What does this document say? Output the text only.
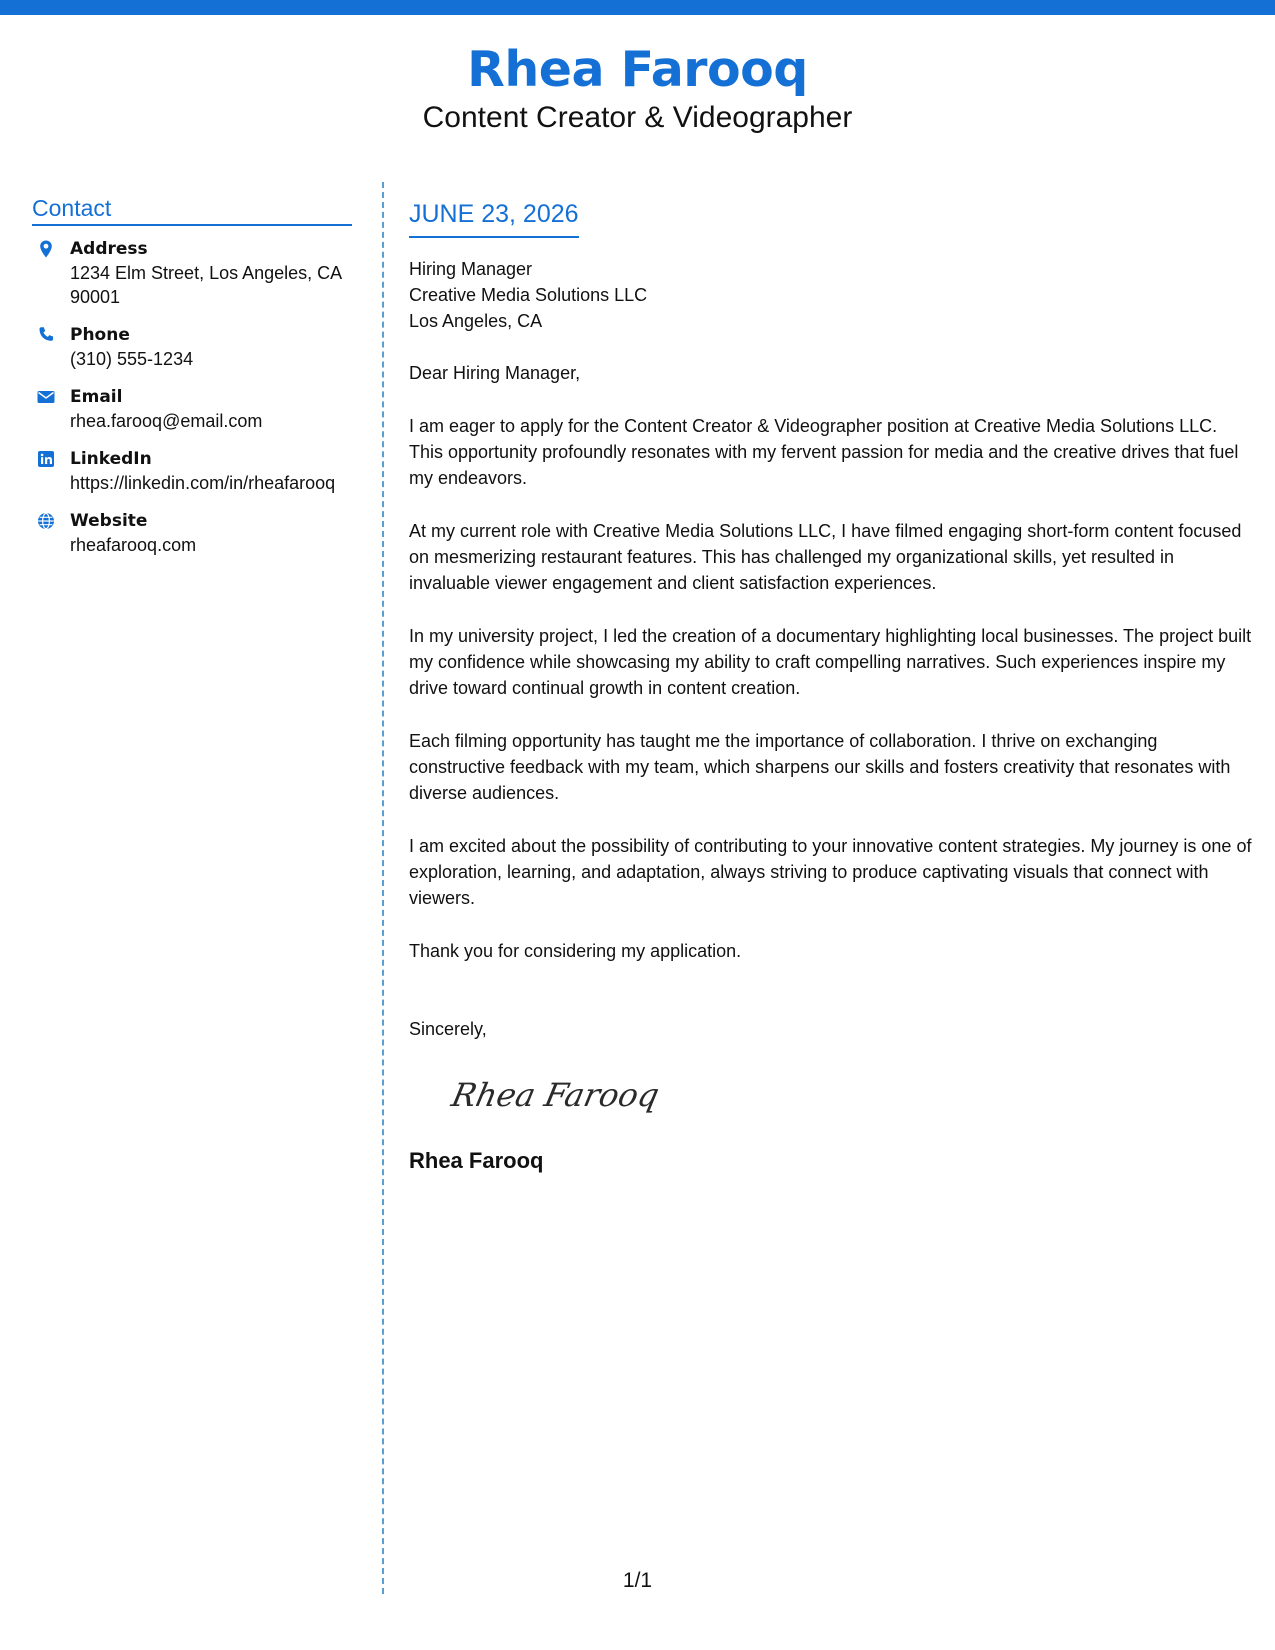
Rhea Farooq
Content Creator & Videographer
Contact
Address
1234 Elm Street, Los Angeles, CA 90001
Phone
(310) 555-1234
Email
rhea.farooq@email.com
LinkedIn
https://linkedin.com/in/rheafarooq
Website
rheafarooq.com
JUNE 23, 2026
Hiring Manager
Creative Media Solutions LLC
Los Angeles, CA
Dear Hiring Manager,
I am eager to apply for the Content Creator & Videographer position at Creative Media Solutions LLC. This opportunity profoundly resonates with my fervent passion for media and the creative drives that fuel my endeavors.
At my current role with Creative Media Solutions LLC, I have filmed engaging short-form content focused on mesmerizing restaurant features. This has challenged my organizational skills, yet resulted in invaluable viewer engagement and client satisfaction experiences.
In my university project, I led the creation of a documentary highlighting local businesses. The project built my confidence while showcasing my ability to craft compelling narratives. Such experiences inspire my drive toward continual growth in content creation.
Each filming opportunity has taught me the importance of collaboration. I thrive on exchanging constructive feedback with my team, which sharpens our skills and fosters creativity that resonates with diverse audiences.
I am excited about the possibility of contributing to your innovative content strategies. My journey is one of exploration, learning, and adaptation, always striving to produce captivating visuals that connect with viewers.
Thank you for considering my application.
Sincerely,
Rhea Farooq
Rhea Farooq
1/1
